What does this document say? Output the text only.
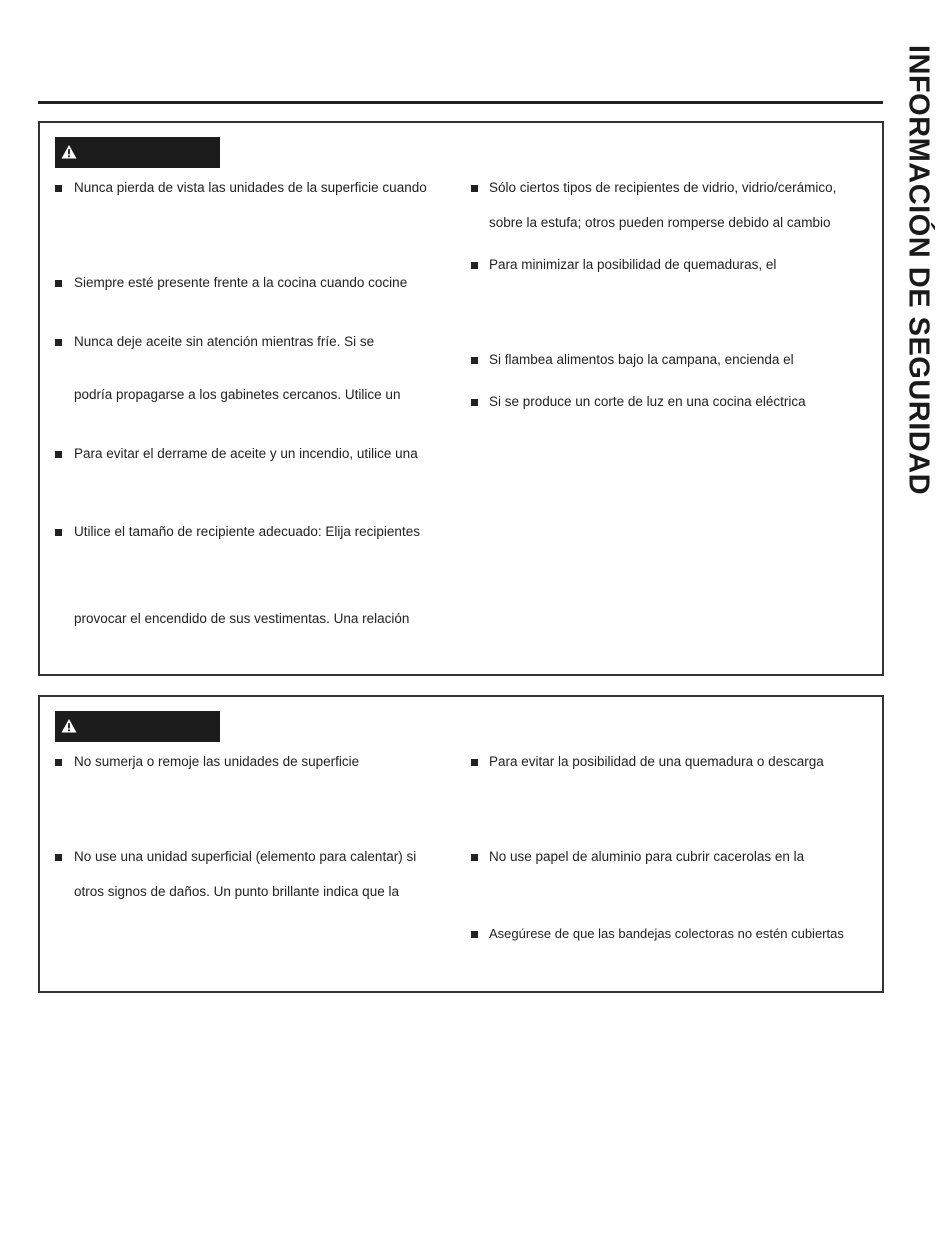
INFORMACIÓN DE SEGURIDAD
Nunca pierda de vista las unidades de la superficie cuando
Siempre esté presente frente a la cocina cuando cocine
Nunca deje aceite sin atención mientras fríe. Si se
podría propagarse a los gabinetes cercanos. Utilice un
Para evitar el derrame de aceite y un incendio, utilice una
Utilice el tamaño de recipiente adecuado: Elija recipientes
provocar el encendido de sus vestimentas. Una relación
Sólo ciertos tipos de recipientes de vidrio, vidrio/cerámico,
sobre la estufa; otros pueden romperse debido al cambio
Para minimizar la posibilidad de quemaduras, el
Si flambea alimentos bajo la campana, encienda el
Si se produce un corte de luz en una cocina eléctrica
No sumerja o remoje las unidades de superficie
No use una unidad superficial (elemento para calentar) si
otros signos de daños. Un punto brillante indica que la
Para evitar la posibilidad de una quemadura o descarga
No use papel de aluminio para cubrir cacerolas en la
Asegúrese de que las bandejas colectoras no estén cubiertas
